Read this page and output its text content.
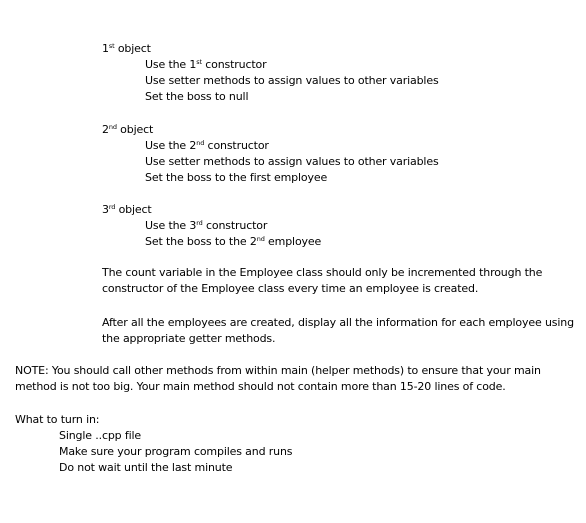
1st object
Use the 1st constructor
Use setter methods to assign values to other variables
Set the boss to null
2nd object
Use the 2nd constructor
Use setter methods to assign values to other variables
Set the boss to the first employee
3rd object
Use the 3rd constructor
Set the boss to the 2nd employee
The count variable in the Employee class should only be incremented through the constructor of the Employee class every time an employee is created.
After all the employees are created, display all the information for each employee using the appropriate getter methods.
NOTE: You should call other methods from within main (helper methods) to ensure that your main method is not too big. Your main method should not contain more than 15-20 lines of code.
What to turn in:
Single ..cpp file
Make sure your program compiles and runs
Do not wait until the last minute
